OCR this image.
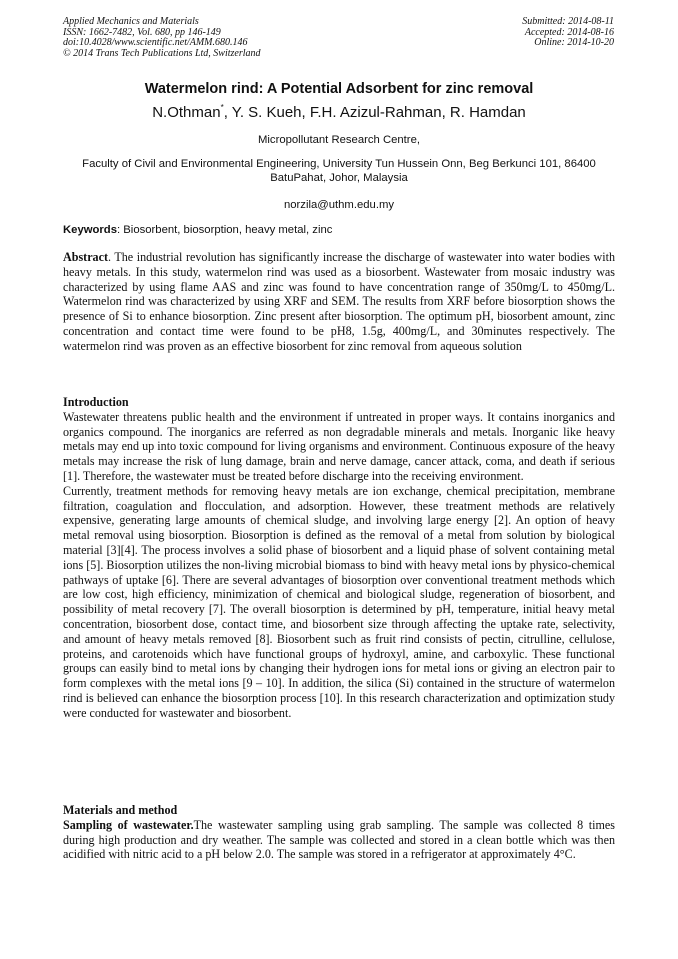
Applied Mechanics and Materials
ISSN: 1662-7482, Vol. 680, pp 146-149
doi:10.4028/www.scientific.net/AMM.680.146
© 2014 Trans Tech Publications Ltd, Switzerland
Submitted: 2014-08-11
Accepted: 2014-08-16
Online: 2014-10-20
Watermelon rind: A Potential Adsorbent for zinc removal
N.Othman*, Y. S. Kueh, F.H. Azizul-Rahman, R. Hamdan
Micropollutant Research Centre,
Faculty of Civil and Environmental Engineering, University Tun Hussein Onn, Beg Berkunci 101, 86400 BatuPahat, Johor, Malaysia
norzila@uthm.edu.my
Keywords: Biosorbent, biosorption, heavy metal, zinc

Abstract. The industrial revolution has significantly increase the discharge of wastewater into water bodies with heavy metals. In this study, watermelon rind was used as a biosorbent. Wastewater from mosaic industry was characterized by using flame AAS and zinc was found to have concentration range of 350mg/L to 450mg/L. Watermelon rind was characterized by using XRF and SEM. The results from XRF before biosorption shows the presence of Si to enhance biosorption. Zinc present after biosorption. The optimum pH, biosorbent amount, zinc concentration and contact time were found to be pH8, 1.5g, 400mg/L, and 30minutes respectively. The watermelon rind was proven as an effective biosorbent for zinc removal from aqueous solution

Introduction

Wastewater threatens public health and the environment if untreated in proper ways. It contains inorganics and organics compound. The inorganics are referred as non degradable minerals and metals. Inorganic like heavy metals may end up into toxic compound for living organisms and environment. Continuous exposure of the heavy metals may increase the risk of lung damage, brain and nerve damage, cancer attack, coma, and death if serious [1]. Therefore, the wastewater must be treated before discharge into the receiving environment.

Currently, treatment methods for removing heavy metals are ion exchange, chemical precipitation, membrane filtration, coagulation and flocculation, and adsorption. However, these treatment methods are relatively expensive, generating large amounts of chemical sludge, and involving large energy [2]. An option of heavy metal removal using biosorption. Biosorption is defined as the removal of a metal from solution by biological material [3][4]. The process involves a solid phase of biosorbent and a liquid phase of solvent containing metal ions [5]. Biosorption utilizes the non-living microbial biomass to bind with heavy metal ions by physico-chemical pathways of uptake [6]. There are several advantages of biosorption over conventional treatment methods which are low cost, high efficiency, minimization of chemical and biological sludge, regeneration of biosorbent, and possibility of metal recovery [7]. The overall biosorption is determined by pH, temperature, initial heavy metal concentration, biosorbent dose, contact time, and biosorbent size through affecting the uptake rate, selectivity, and amount of heavy metals removed [8]. Biosorbent such as fruit rind consists of pectin, citrulline, cellulose, proteins, and carotenoids which have functional groups of hydroxyl, amine, and carboxylic. These functional groups can easily bind to metal ions by changing their hydrogen ions for metal ions or giving an electron pair to form complexes with the metal ions [9 – 10]. In addition, the silica (Si) contained in the structure of watermelon rind is believed can enhance the biosorption process [10]. In this research characterization and optimization study were conducted for wastewater and biosorbent.

Materials and method

Sampling of wastewater.The wastewater sampling using grab sampling. The sample was collected 8 times during high production and dry weather. The sample was collected and stored in a clean bottle which was then acidified with nitric acid to a pH below 2.0. The sample was stored in a refrigerator at approximately 4°C.
